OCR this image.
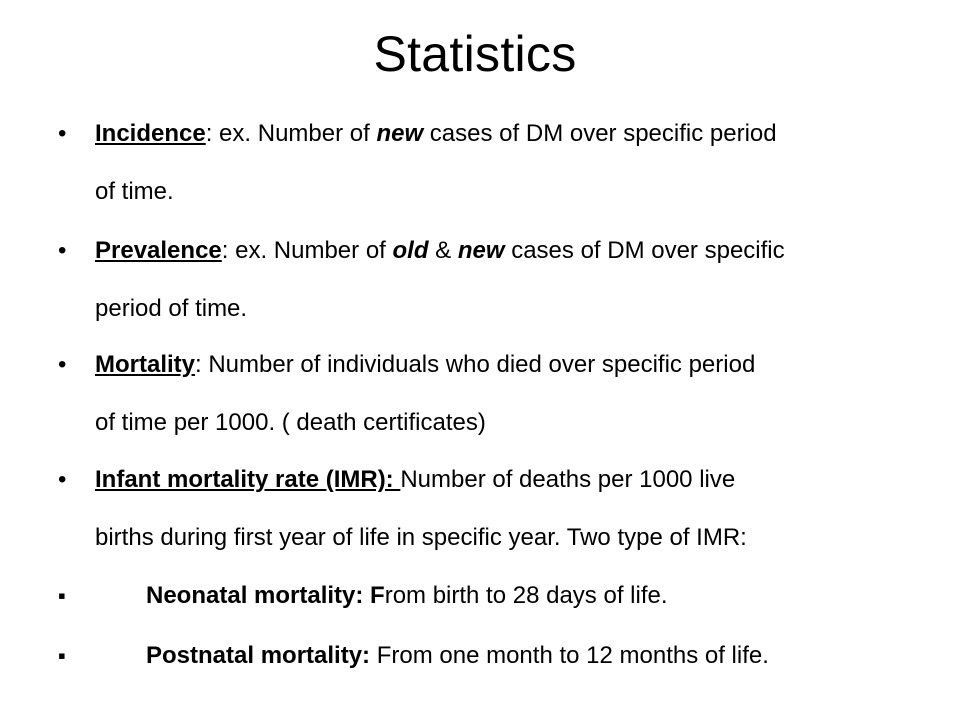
Statistics
•	Incidence: ex. Number of new cases of DM over specific period
of time.
•	Prevalence: ex. Number of old & new cases of DM over specific
period of time.
•	Mortality: Number of individuals who died over specific period
of time per 1000. ( death certificates)
•	Infant mortality rate (IMR): Number of deaths per 1000 live
births during first year of life in specific year. Two type of IMR:
▪	Neonatal mortality: From birth to 28 days of life.
▪	Postnatal mortality: From one month to 12 months of life.
